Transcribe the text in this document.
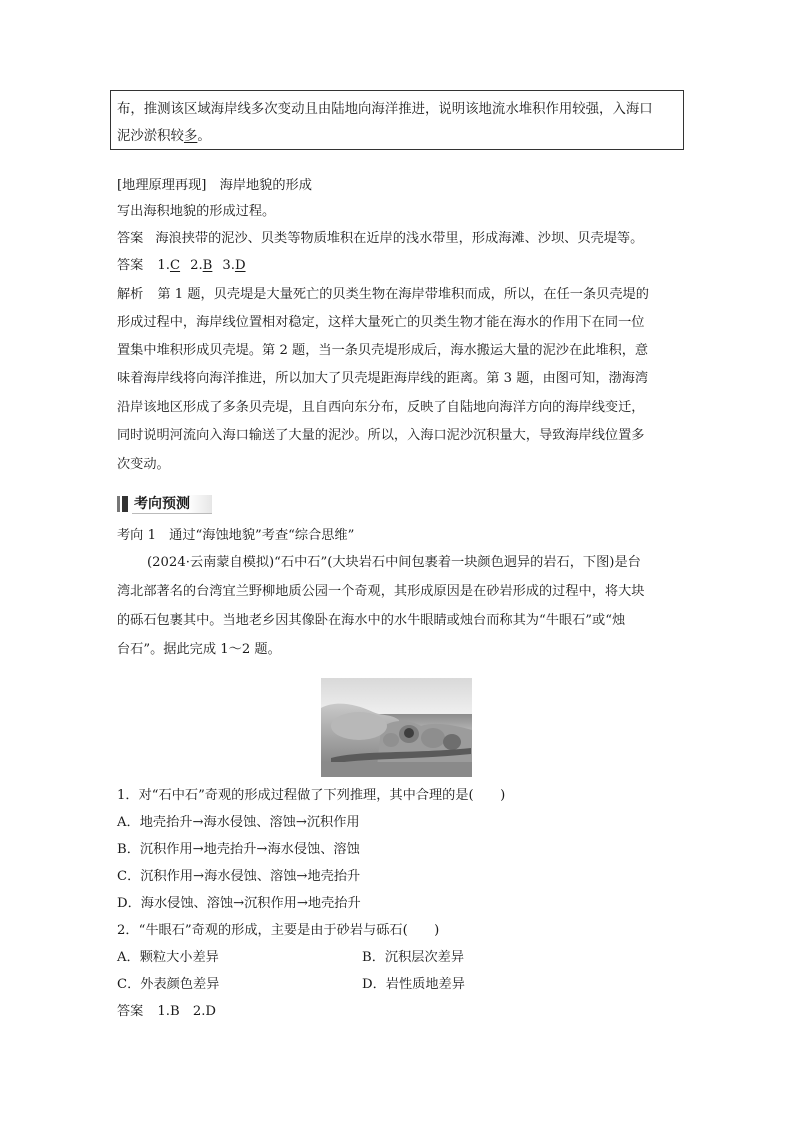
布，推测该区域海岸线多次变动且由陆地向海洋推进，说明该地流水堆积作用较强，入海口
泥沙淤积较多。
[地理原理再现]　海岸地貌的形成
写出海积地貌的形成过程。
答案 海浪挟带的泥沙、贝类等物质堆积在近岸的浅水带里，形成海滩、沙坝、贝壳堤等。
答案 1.C 2.B 3.D
解析 第 1 题，贝壳堤是大量死亡的贝类生物在海岸带堆积而成，所以，在任一条贝壳堤的
形成过程中，海岸线位置相对稳定，这样大量死亡的贝类生物才能在海水的作用下在同一位
置集中堆积形成贝壳堤。第 2 题，当一条贝壳堤形成后，海水搬运大量的泥沙在此堆积，意
味着海岸线将向海洋推进，所以加大了贝壳堤距海岸线的距离。第 3 题，由图可知，渤海湾
沿岸该地区形成了多条贝壳堤，且自西向东分布，反映了自陆地向海洋方向的海岸线变迁，
同时说明河流向入海口输送了大量的泥沙。所以，入海口泥沙沉积量大，导致海岸线位置多
次变动。
考向预测
考向 1　通过“海蚀地貌”考查“综合思维”
(2024·云南蒙自模拟)“石中石”(大块岩石中间包裹着一块颜色迥异的岩石，下图)是台
湾北部著名的台湾宜兰野柳地质公园一个奇观，其形成原因是在砂岩形成的过程中，将大块
的砾石包裹其中。当地老乡因其像卧在海水中的水牛眼睛或烛台而称其为“牛眼石”或“烛
台石”。据此完成 1～2 题。
1．对“石中石”奇观的形成过程做了下列推理，其中合理的是(　　)
A．地壳抬升→海水侵蚀、溶蚀→沉积作用
B．沉积作用→地壳抬升→海水侵蚀、溶蚀
C．沉积作用→海水侵蚀、溶蚀→地壳抬升
D．海水侵蚀、溶蚀→沉积作用→地壳抬升
2．“牛眼石”奇观的形成，主要是由于砂岩与砾石(　　)
A．颗粒大小差异	B．沉积层次差异
C．外表颜色差异	D．岩性质地差异
答案 1.B　2.D
